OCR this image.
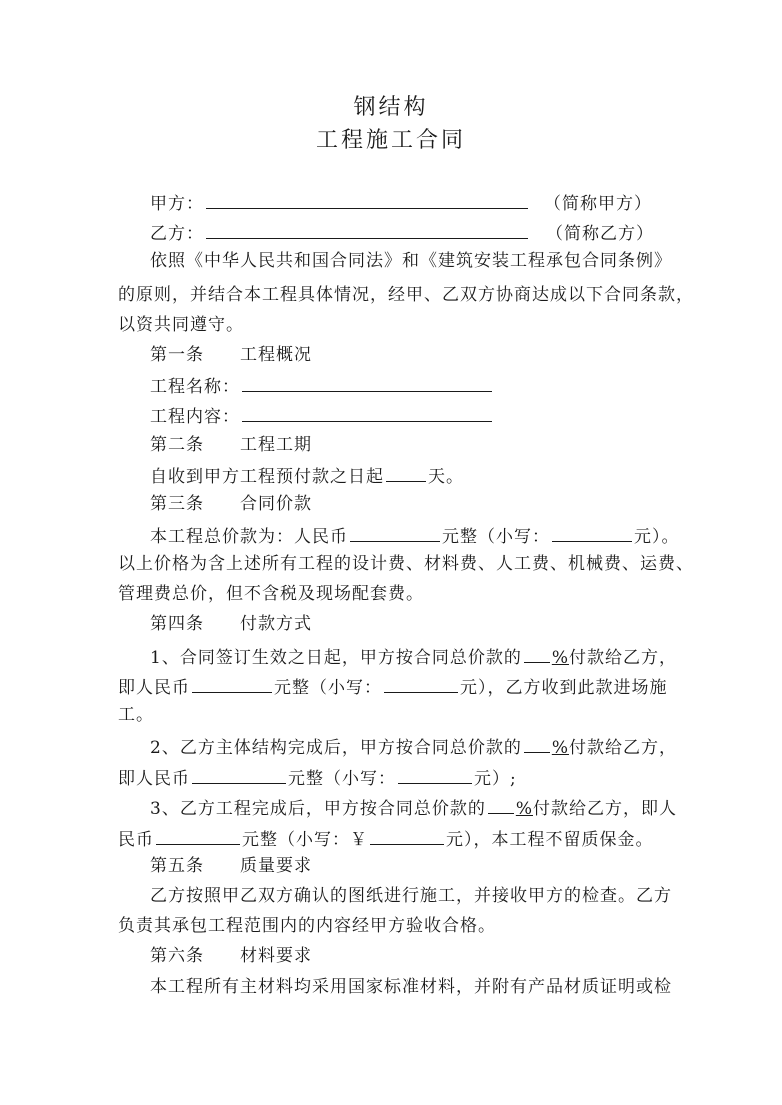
钢结构
工程施工合同
甲方：	（简称甲方）
乙方：	（简称乙方）
依照《中华人民共和国合同法》和《建筑安装工程承包合同条例》
的原则，并结合本工程具体情况，经甲、乙双方协商达成以下合同条款，
以资共同遵守。
第一条 工程概况
工程名称：
工程内容：
第二条 工程工期
自收到甲方工程预付款之日起	天。
第三条 合同价款
本工程总价款为：人民币	元整（小写：	元）。
以上价格为含上述所有工程的设计费、材料费、人工费、机械费、运费、
管理费总价，但不含税及现场配套费。
第四条 付款方式
1、合同签订生效之日起，甲方按合同总价款的 %付款给乙方，
即人民币	元整（小写：	元），乙方收到此款进场施
工。
2、乙方主体结构完成后，甲方按合同总价款的 %付款给乙方，
即人民币	元整（小写：	元）;
3、乙方工程完成后，甲方按合同总价款的 %付款给乙方，即人
民币	元整（小写：￥	元），本工程不留质保金。
第五条 质量要求
乙方按照甲乙双方确认的图纸进行施工，并接收甲方的检查。乙方
负责其承包工程范围内的内容经甲方验收合格。
第六条 材料要求
本工程所有主材料均采用国家标准材料，并附有产品材质证明或检
